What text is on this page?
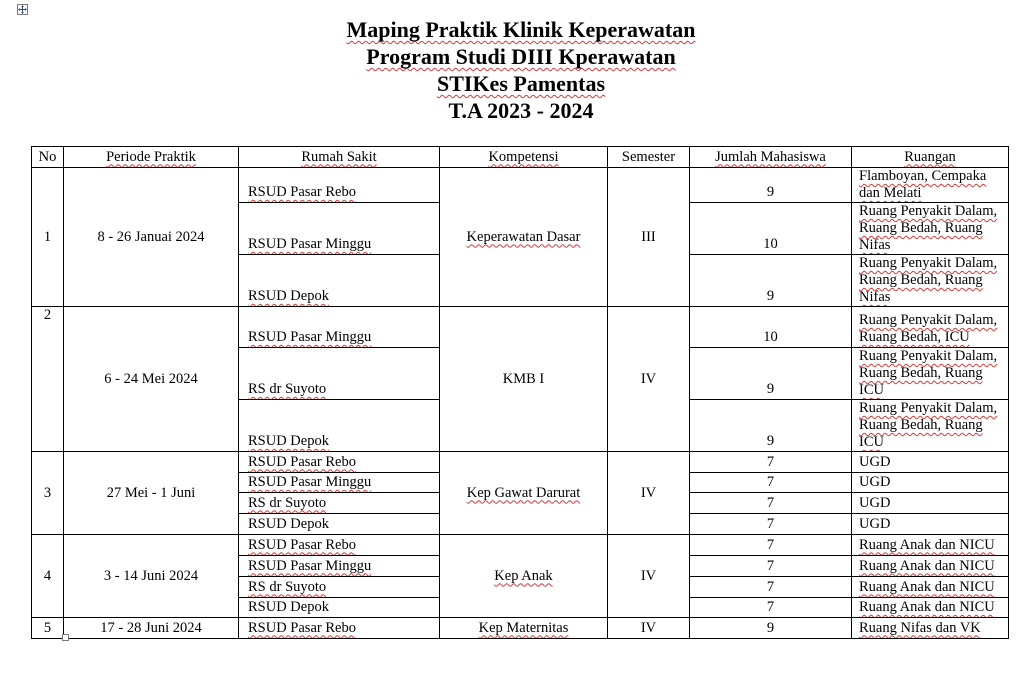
Maping Praktik Klinik Keperawatan
Program Studi DIII Kperawatan
STIKes Pamentas
T.A 2023 - 2024
No	Periode Praktik	Rumah Sakit	Kompetensi	Semester	Jumlah Mahasiswa	Ruangan
1	8 - 26 Januai 2024	RSUD Pasar Rebo	Keperawatan Dasar	III	9	Flamboyan, Cempaka dan Melati
		RSUD Pasar Minggu			10	Ruang Penyakit Dalam, Ruang Bedah, Ruang Nifas
		RSUD Depok			9	Ruang Penyakit Dalam, Ruang Bedah, Ruang Nifas
2	6 - 24 Mei 2024	RSUD Pasar Minggu	KMB I	IV	10	Ruang Penyakit Dalam, Ruang Bedah, ICU
		RS dr Suyoto			9	Ruang Penyakit Dalam, Ruang Bedah, Ruang ICU
		RSUD Depok			9	Ruang Penyakit Dalam, Ruang Bedah, Ruang ICU
3	27 Mei - 1 Juni	RSUD Pasar Rebo	Kep Gawat Darurat	IV	7	UGD
		RSUD Pasar Minggu			7	UGD
		RS dr Suyoto			7	UGD
		RSUD Depok			7	UGD
4	3 - 14 Juni 2024	RSUD Pasar Rebo	Kep Anak	IV	7	Ruang Anak dan NICU
		RSUD Pasar Minggu			7	Ruang Anak dan NICU
		RS dr Suyoto			7	Ruang Anak dan NICU
		RSUD Depok			7	Ruang Anak dan NICU
5	17 - 28 Juni 2024	RSUD Pasar Rebo	Kep Maternitas	IV	9	Ruang Nifas dan VK
